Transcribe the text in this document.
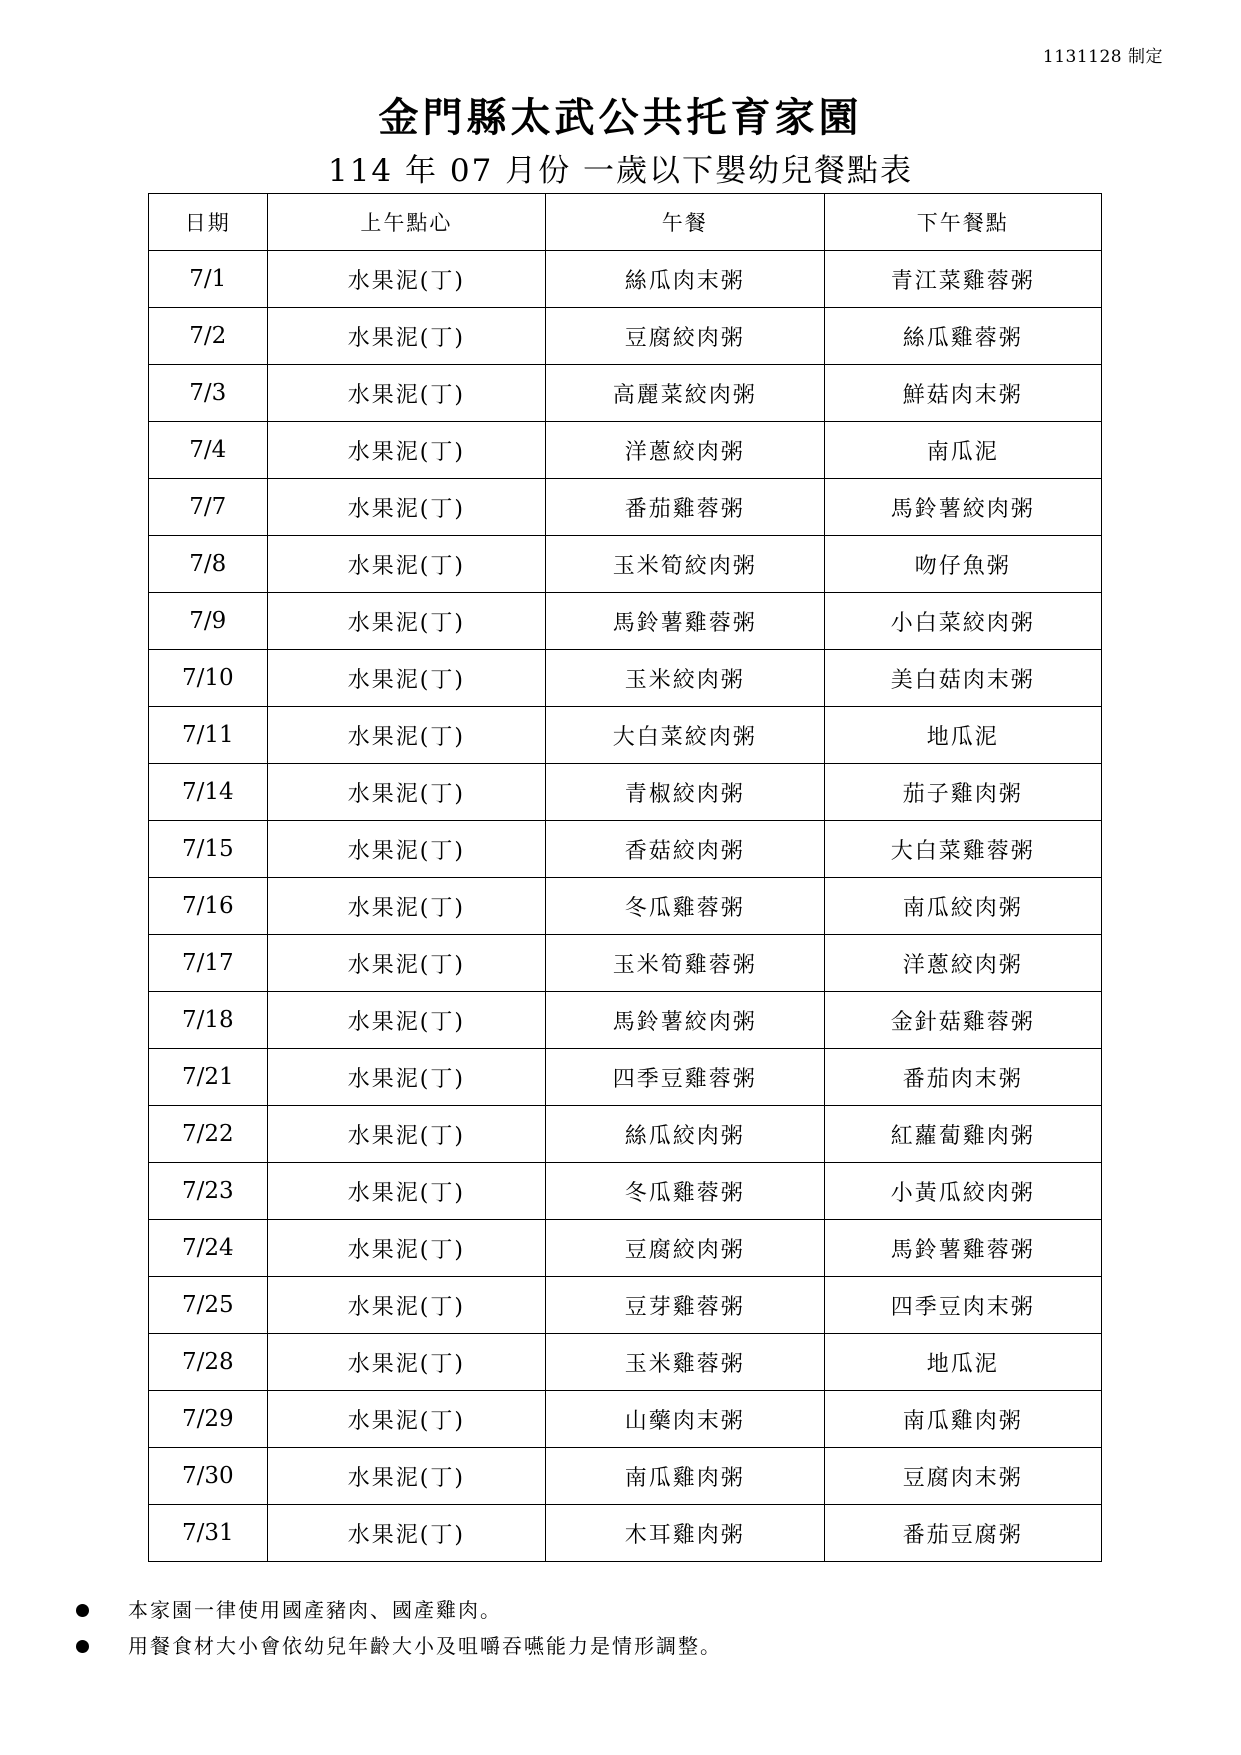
1131128 制定
金門縣太武公共托育家園
114 年 07 月份 一歲以下嬰幼兒餐點表
日期	上午點心	午餐	下午餐點
7/1	水果泥(丁)	絲瓜肉末粥	青江菜雞蓉粥
7/2	水果泥(丁)	豆腐絞肉粥	絲瓜雞蓉粥
7/3	水果泥(丁)	高麗菜絞肉粥	鮮菇肉末粥
7/4	水果泥(丁)	洋蔥絞肉粥	南瓜泥
7/7	水果泥(丁)	番茄雞蓉粥	馬鈴薯絞肉粥
7/8	水果泥(丁)	玉米筍絞肉粥	吻仔魚粥
7/9	水果泥(丁)	馬鈴薯雞蓉粥	小白菜絞肉粥
7/10	水果泥(丁)	玉米絞肉粥	美白菇肉末粥
7/11	水果泥(丁)	大白菜絞肉粥	地瓜泥
7/14	水果泥(丁)	青椒絞肉粥	茄子雞肉粥
7/15	水果泥(丁)	香菇絞肉粥	大白菜雞蓉粥
7/16	水果泥(丁)	冬瓜雞蓉粥	南瓜絞肉粥
7/17	水果泥(丁)	玉米筍雞蓉粥	洋蔥絞肉粥
7/18	水果泥(丁)	馬鈴薯絞肉粥	金針菇雞蓉粥
7/21	水果泥(丁)	四季豆雞蓉粥	番茄肉末粥
7/22	水果泥(丁)	絲瓜絞肉粥	紅蘿蔔雞肉粥
7/23	水果泥(丁)	冬瓜雞蓉粥	小黃瓜絞肉粥
7/24	水果泥(丁)	豆腐絞肉粥	馬鈴薯雞蓉粥
7/25	水果泥(丁)	豆芽雞蓉粥	四季豆肉末粥
7/28	水果泥(丁)	玉米雞蓉粥	地瓜泥
7/29	水果泥(丁)	山藥肉末粥	南瓜雞肉粥
7/30	水果泥(丁)	南瓜雞肉粥	豆腐肉末粥
7/31	水果泥(丁)	木耳雞肉粥	番茄豆腐粥
本家園一律使用國產豬肉、國產雞肉。
用餐食材大小會依幼兒年齡大小及咀嚼吞嚥能力是情形調整。
